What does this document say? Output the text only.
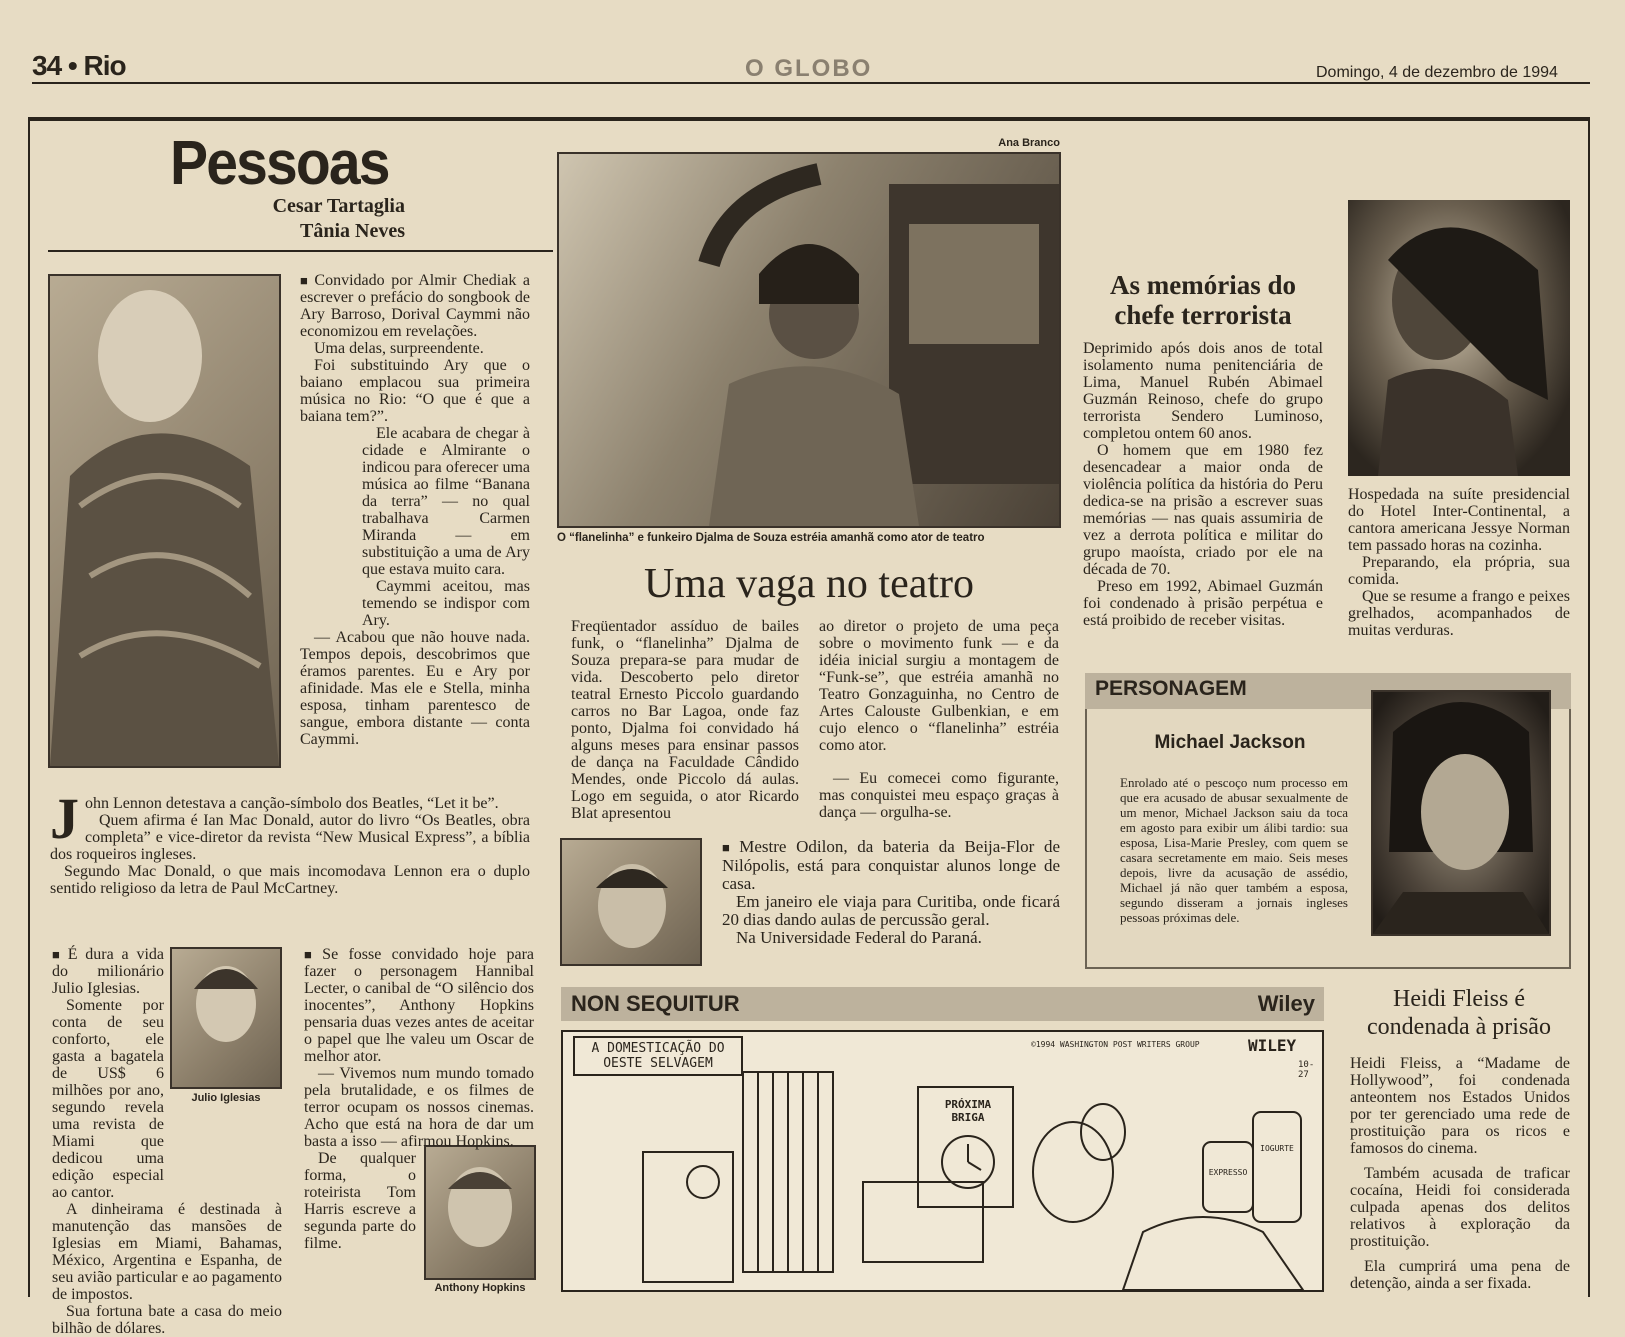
34 • Rio	O GLOBO	Domingo, 4 de dezembro de 1994
Pessoas
Cesar Tartaglia
Tânia Neves

■ Convidado por Almir Chediak a escrever o prefácio do songbook de Ary Barroso, Dorival Caymmi não economizou em revelações.

Uma delas, surpreendente.

Foi substituindo Ary que o baiano emplacou sua primeira música no Rio: “O que é que a baiana tem?”.

Ele acabara de chegar à cidade e Almirante o indicou para oferecer uma música ao filme “Banana da terra” — no qual trabalhava Carmen Miranda — em substituição a uma de Ary que estava muito cara.

Caymmi aceitou, mas temendo se indispor com Ary.

— Acabou que não houve nada. Tempos depois, descobrimos que éramos parentes. Eu e Ary por afinidade. Mas ele e Stella, minha esposa, tinham parentesco de sangue, embora distante — conta Caymmi.

J ohn Lennon detestava a canção-símbolo dos Beatles, “Let it be”.

Quem afirma é Ian Mac Donald, autor do livro “Os Beatles, obra completa” e vice-diretor da revista “New Musical Express”, a bíblia dos roqueiros ingleses.

Segundo Mac Donald, o que mais incomodava Lennon era o duplo sentido religioso da letra de Paul McCartney.

Julio Iglesias

■ É dura a vida do milionário Julio Iglesias.

Somente por conta de seu conforto, ele gasta a bagatela de US$ 6 milhões por ano, segundo revela uma revista de Miami que dedicou uma edição especial ao cantor.

A dinheirama é destinada à manutenção das mansões de Iglesias em Miami, Bahamas, México, Argentina e Espanha, de seu avião particular e ao pagamento de impostos.

Sua fortuna bate a casa do meio bilhão de dólares.

Anthony Hopkins

■ Se fosse convidado hoje para fazer o personagem Hannibal Lecter, o canibal de “O silêncio dos inocentes”, Anthony Hopkins pensaria duas vezes antes de aceitar o papel que lhe valeu um Oscar de melhor ator.

— Vivemos num mundo tomado pela brutalidade, e os filmes de terror ocupam os nossos cinemas. Acho que está na hora de dar um basta a isso — afirmou Hopkins.

De qualquer forma, o roteirista Tom Harris escreve a segunda parte do filme.

Ana Branco
O “flanelinha” e funkeiro Djalma de Souza estréia amanhã como ator de teatro
Uma vaga no teatro

Freqüentador assíduo de bailes funk, o “flanelinha” Djalma de Souza prepara-se para mudar de vida. Descoberto pelo diretor teatral Ernesto Piccolo guardando carros no Bar Lagoa, onde faz ponto, Djalma foi convidado há alguns meses para ensinar passos de dança na Faculdade Cândido Mendes, onde Piccolo dá aulas. Logo em seguida, o ator Ricardo Blat apresentou

ao diretor o projeto de uma peça sobre o movimento funk — e da idéia inicial surgiu a montagem de “Funk-se”, que estréia amanhã no Teatro Gonzaguinha, no Centro de Artes Calouste Gulbenkian, e em cujo elenco o “flanelinha” estréia como ator.

— Eu comecei como figurante, mas conquistei meu espaço graças à dança — orgulha-se.

■ Mestre Odilon, da bateria da Beija-Flor de Nilópolis, está para conquistar alunos longe de casa.

Em janeiro ele viaja para Curitiba, onde ficará 20 dias dando aulas de percussão geral.

Na Universidade Federal do Paraná.

As memórias do chefe terrorista

Deprimido após dois anos de total isolamento numa penitenciária de Lima, Manuel Rubén Abimael Guzmán Reinoso, chefe do grupo terrorista Sendero Luminoso, completou ontem 60 anos.

O homem que em 1980 fez desencadear a maior onda de violência política da história do Peru dedica-se na prisão a escrever suas memórias — nas quais assumiria de vez a derrota política e militar do grupo maoísta, criado por ele na década de 70.

Preso em 1992, Abimael Guzmán foi condenado à prisão perpétua e está proibido de receber visitas.

Hospedada na suíte presidencial do Hotel Inter-Continental, a cantora americana Jessye Norman tem passado horas na cozinha.

Preparando, ela própria, sua comida.

Que se resume a frango e peixes grelhados, acompanhados de muitas verduras.

PERSONAGEM
Michael Jackson
Enrolado até o pescoço num processo em que era acusado de abusar sexualmente de um menor, Michael Jackson saiu da toca em agosto para exibir um álibi tardio: sua esposa, Lisa-Marie Presley, com quem se casara secretamente em maio. Seis meses depois, livre da acusação de assédio, Michael já não quer também a esposa, segundo disseram a jornais ingleses pessoas próximas dele.
NON SEQUITUR	Wiley
A DOMESTICAÇÃO DO OESTE SELVAGEM
PRÓXIMA BRIGA
©1994 WASHINGTON POST WRITERS GROUP	WILEY
10-27
EXPRESSO
IOGURTE
Heidi Fleiss é condenada à prisão

Heidi Fleiss, a “Madame de Hollywood”, foi condenada anteontem nos Estados Unidos por ter gerenciado uma rede de prostituição para os ricos e famosos do cinema.

Também acusada de traficar cocaína, Heidi foi considerada culpada apenas dos delitos relativos à exploração da prostituição.

Ela cumprirá uma pena de detenção, ainda a ser fixada.
